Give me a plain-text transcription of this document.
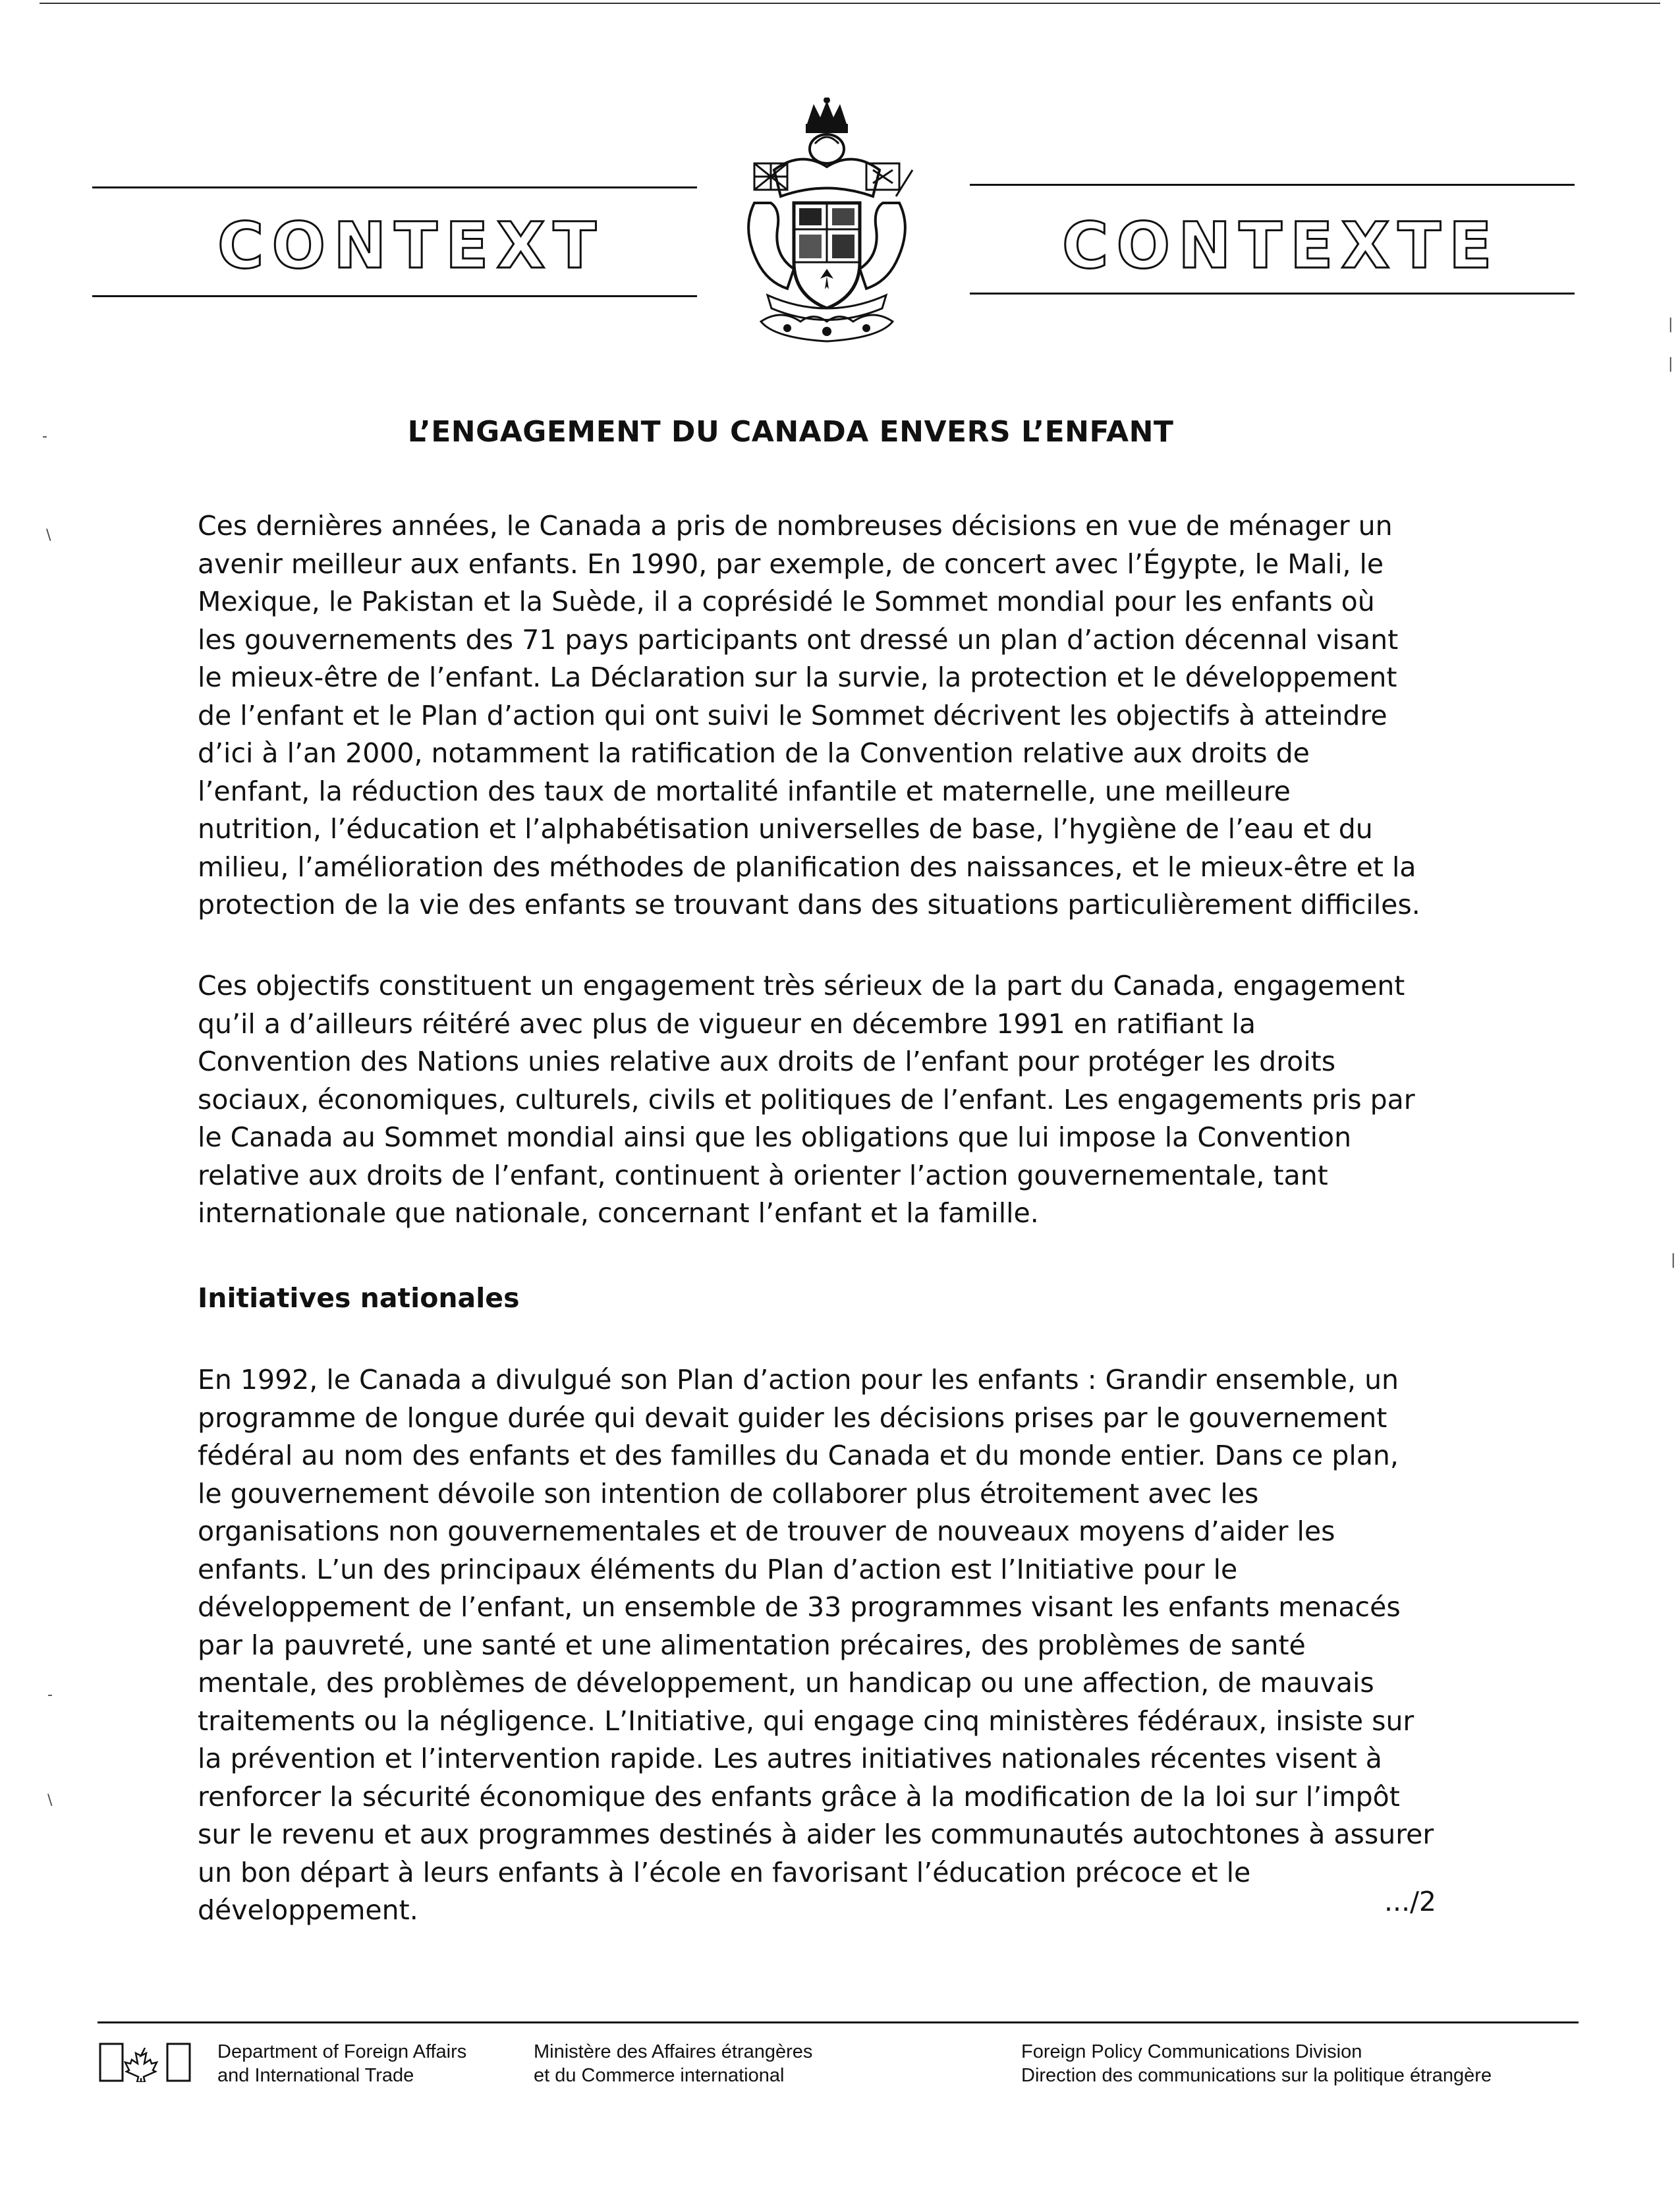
CONTEXT	CONTEXTE
L’ENGAGEMENT DU CANADA ENVERS L’ENFANT

Ces dernières années, le Canada a pris de nombreuses décisions en vue de ménager un
avenir meilleur aux enfants. En 1990, par exemple, de concert avec l’Égypte, le Mali, le
Mexique, le Pakistan et la Suède, il a coprésidé le Sommet mondial pour les enfants où
les gouvernements des 71 pays participants ont dressé un plan d’action décennal visant
le mieux-être de l’enfant. La Déclaration sur la survie, la protection et le développement
de l’enfant et le Plan d’action qui ont suivi le Sommet décrivent les objectifs à atteindre
d’ici à l’an 2000, notamment la ratification de la Convention relative aux droits de
l’enfant, la réduction des taux de mortalité infantile et maternelle, une meilleure
nutrition, l’éducation et l’alphabétisation universelles de base, l’hygiène de l’eau et du
milieu, l’amélioration des méthodes de planification des naissances, et le mieux-être et la
protection de la vie des enfants se trouvant dans des situations particulièrement difficiles.

Ces objectifs constituent un engagement très sérieux de la part du Canada, engagement
qu’il a d’ailleurs réitéré avec plus de vigueur en décembre 1991 en ratifiant la
Convention des Nations unies relative aux droits de l’enfant pour protéger les droits
sociaux, économiques, culturels, civils et politiques de l’enfant. Les engagements pris par
le Canada au Sommet mondial ainsi que les obligations que lui impose la Convention
relative aux droits de l’enfant, continuent à orienter l’action gouvernementale, tant
internationale que nationale, concernant l’enfant et la famille.

Initiatives nationales

En 1992, le Canada a divulgué son Plan d’action pour les enfants : Grandir ensemble, un
programme de longue durée qui devait guider les décisions prises par le gouvernement
fédéral au nom des enfants et des familles du Canada et du monde entier. Dans ce plan,
le gouvernement dévoile son intention de collaborer plus étroitement avec les
organisations non gouvernementales et de trouver de nouveaux moyens d’aider les
enfants. L’un des principaux éléments du Plan d’action est l’Initiative pour le
développement de l’enfant, un ensemble de 33 programmes visant les enfants menacés
par la pauvreté, une santé et une alimentation précaires, des problèmes de santé
mentale, des problèmes de développement, un handicap ou une affection, de mauvais
traitements ou la négligence. L’Initiative, qui engage cinq ministères fédéraux, insiste sur
la prévention et l’intervention rapide. Les autres initiatives nationales récentes visent à
renforcer la sécurité économique des enfants grâce à la modification de la loi sur l’impôt
sur le revenu et aux programmes destinés à aider les communautés autochtones à assurer
un bon départ à leurs enfants à l’école en favorisant l’éducation précoce et le
développement.	.../2
Department of Foreign Affairs
and International Trade
Ministère des Affaires étrangères
et du Commerce international
Foreign Policy Communications Division
Direction des communications sur la politique étrangère
-
\
-
\
|
|
|
